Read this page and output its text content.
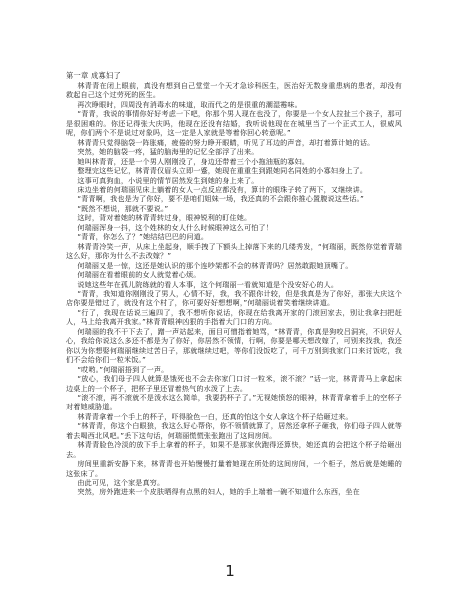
第一章 成寡妇了

林青青在闭上眼前，真没有想到自己堂堂一个天才急诊科医生，医治好无数身重患病的患者，却没有救起自己这个过劳死的医生。

再次睁眼时，四周没有消毒水的味道，取而代之的是很重的潮湿霉味。

“青青，我说的事情你好好考虑一下吧，你那个男人现在也没了，你要是一个女人拉扯三个孩子，那可是很困难的。你还记得张大庆吗，他现在还没有结婚，我听说他现在在城里当了一个正式工人，很威风呢，你们两个不是说过对象吗，这一定是人家就是等着你回心转意呢。”

林青青只觉得脑袋一阵胀痛，疲倦的努力睁开眼睛，听见了耳边的声音，却打着算计她的话。

突然，她的脑袋一疼，猛的脑海里的记忆全部浮了出来。

她叫林青青，还是一个男人刚刚没了，身边还带着三个小拖油瓶的寡妇。

整理完这些记忆，林青青仅眉头立即一蹙，她现在重重生到跟她同名同姓的小寡妇身上了。

这事可真狗血，小说里的情节居然发生到她的身上来了。

床边坐着的何瑞丽见床上躺着的女人一点反应都没有，算计的眼珠子转了两下，又继续讲。

“青青啊，我也是为了你好，要不是咱们姐妹一场，我还真的不会跟你推心置腹说这些话。”

“既然不想说，那就不要说。”

这时，背对着她的林青青转过身，眼神锐利的盯住她。

何瑞丽浑身一抖，这个姓林的女人什么时候眼神这么可怕了！

“青青，你怎么了？”她结结巴巴的问道。

林青青冷笑一声，从床上坐起身，顺手拽了下额头上掉落下来的几缕秀发，“何瑞丽，既然你觉着青瑞这么好，那你为什么不去改嫁？”

何瑞丽又是一惊，这还是她认识的那个连吵架都不会的林青青吗？居然敢跟她顶嘴了。

何瑞丽在看着眼前的女人就觉着心烦。

说她这些年在孤儿院练就的看人本事，这个何瑞丽一看就知道是个没安好心的人。

“青青，我知道你刚刚没了男人，心情不好，我，我不跟你计较，但是我真是为了你好，那张大庆这个店你要是错过了，就没有这个村了，你可要好好想想啊，”何瑞丽说着笑着继续讲道。

“行了，我现在话说三遍四了，我不想听你说话，你现在给我离开家的门滚回家去，别让我拿扫把赶人，马上给我离开我家。”林青青眼神凶狠的手指着大门口的方向。

何瑞丽的我不干下去了，蹭一声站起来，面目可憎指着她骂，“林青青，你真是狗咬吕洞宾，不识好人心，我给你说这么多还不都是为了你好，你居然不领情，行啊，你要是哪天想改嫁了，可别来找我，我还你以为你想娶何瑞丽继续过苦日子，那就继续过吧，等你们没饭吃了，可千万别到我家门口来讨饭吃，我们不会给你们一粒米饭。”

“哎哟。”何瑞丽捂到了一声。

“放心，我们母子四人就算是饿死也不会去你家门口讨一粒米，滚不滚？”话一完，林青青马上拿起床边桌上的一个杯子，把杯子里还冒着热气的水泼了上去。

“滚不滚，再不滚就不是泼水这么简单，我要扔杯子了。”无视她愤怒的眼神，林青青拿着手上的空杯子对着她威胁道。

林青青拿着一个手上的杯子，吓得脸色一白，还真的怕这个女人拿这个杯子给砸过来。

“林青青，你这个白眼狼，我这么好心帮你，你不领情就算了，居然还拿杯子砸我，你们母子四人就等着去喝西北风吧。”丢下这句话，何瑞丽慌慌张张跑出了这间房间。

林青青脸色冷淡的放下手上拿着的杯子，如果不是那家伙跑得还算快，她还真的会把这个杯子给砸出去。

房间里重新安静下来，林青青也开始慢慢打量着她现在所处的这间房间，一个柜子，然后就是她睡的这张床了。

由此可见，这个家是真穷。

突然，房外跑进来一个皮肤晒得有点黑的妇人，她的手上端着一碗不知道什么东西，坐在

1
